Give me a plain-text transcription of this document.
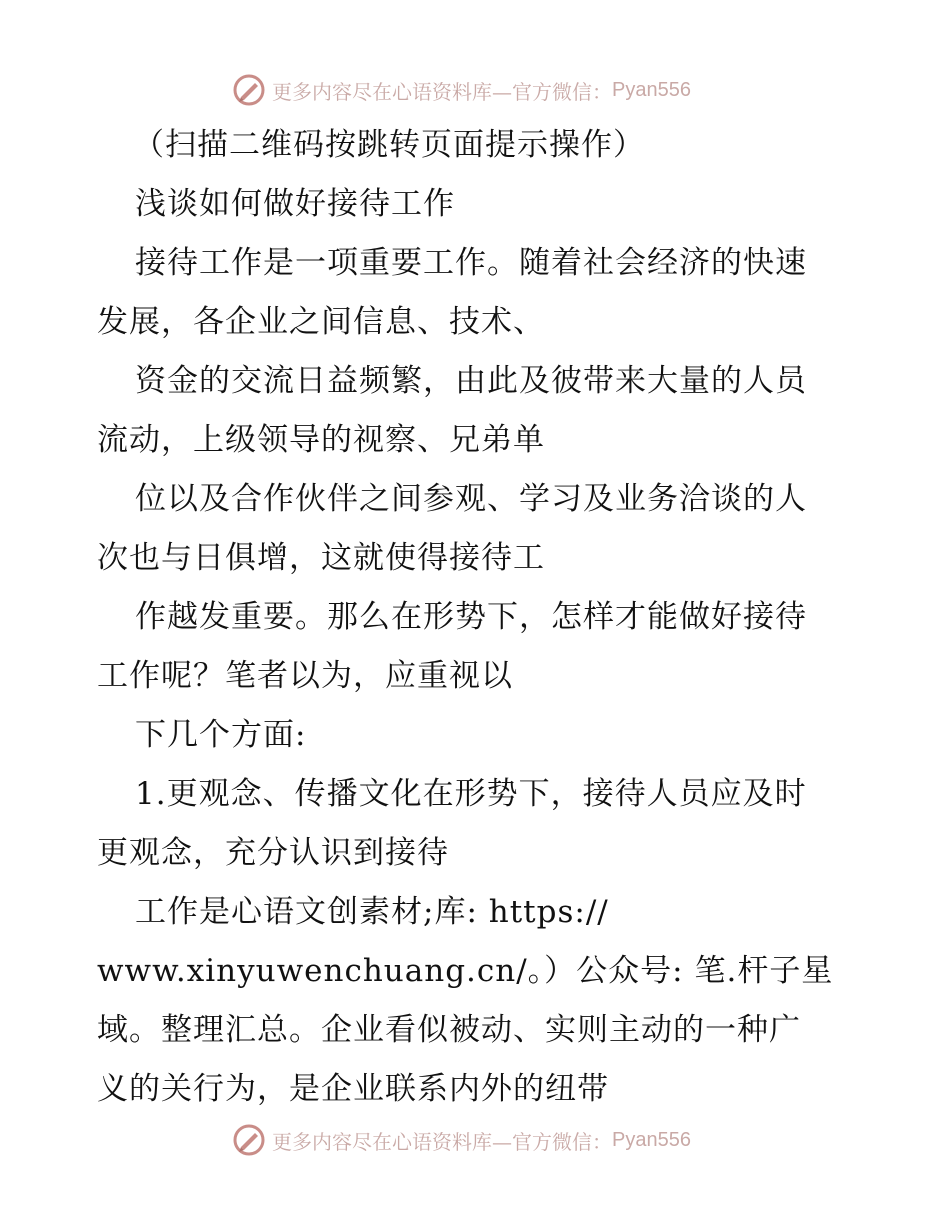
更多内容尽在心语资料库—官方微信： Pyan556

（扫描二维码按跳转页面提示操作）

浅谈如何做好接待工作

接待工作是一项重要工作。随着社会经济的快速

发展，各企业之间信息、技术、

资金的交流日益频繁，由此及彼带来大量的人员

流动，上级领导的视察、兄弟单

位以及合作伙伴之间参观、学习及业务洽谈的人

次也与日俱增，这就使得接待工

作越发重要。那么在形势下，怎样才能做好接待

工作呢？笔者以为，应重视以

下几个方面:

1.更观念、传播文化在形势下，接待人员应及时

更观念，充分认识到接待

工作是心语文创素材;库: https://

www.xinyuwenchuang.cn/。）公众号: 笔.杆子星

域。整理汇总。企业看似被动、实则主动的一种广

义的关行为，是企业联系内外的纽带

更多内容尽在心语资料库—官方微信： Pyan556
